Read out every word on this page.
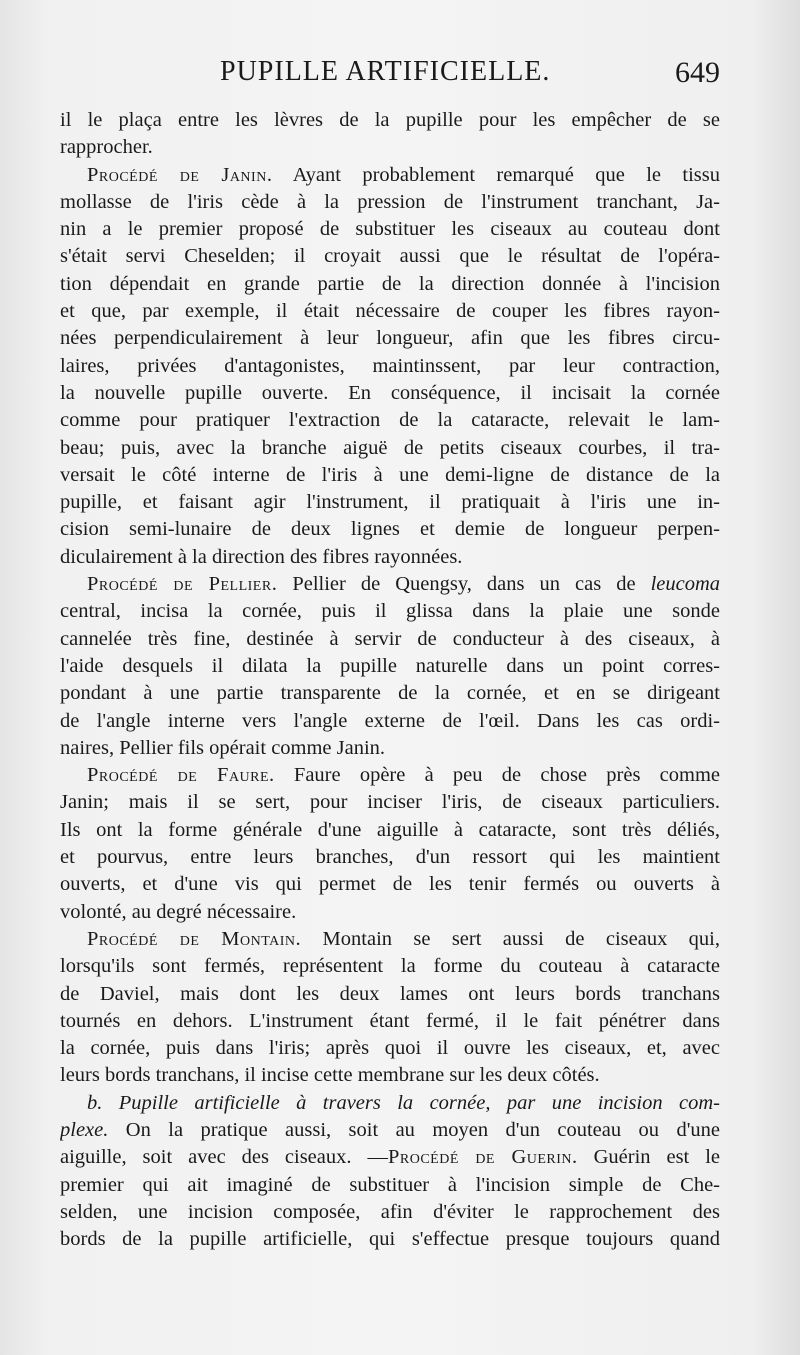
PUPILLE ARTIFICIELLE.	649
il le plaça entre les lèvres de la pupille pour les empêcher de se
rapprocher.
Procédé de Janin. Ayant probablement remarqué que le tissu
mollasse de l'iris cède à la pression de l'instrument tranchant, Ja-
nin a le premier proposé de substituer les ciseaux au couteau dont
s'était servi Cheselden; il croyait aussi que le résultat de l'opéra-
tion dépendait en grande partie de la direction donnée à l'incision
et que, par exemple, il était nécessaire de couper les fibres rayon-
nées perpendiculairement à leur longueur, afin que les fibres circu-
laires, privées d'antagonistes, maintinssent, par leur contraction,
la nouvelle pupille ouverte. En conséquence, il incisait la cornée
comme pour pratiquer l'extraction de la cataracte, relevait le lam-
beau; puis, avec la branche aiguë de petits ciseaux courbes, il tra-
versait le côté interne de l'iris à une demi-ligne de distance de la
pupille, et faisant agir l'instrument, il pratiquait à l'iris une in-
cision semi-lunaire de deux lignes et demie de longueur perpen-
diculairement à la direction des fibres rayonnées.
Procédé de Pellier. Pellier de Quengsy, dans un cas de leucoma
central, incisa la cornée, puis il glissa dans la plaie une sonde
cannelée très fine, destinée à servir de conducteur à des ciseaux, à
l'aide desquels il dilata la pupille naturelle dans un point corres-
pondant à une partie transparente de la cornée, et en se dirigeant
de l'angle interne vers l'angle externe de l'œil. Dans les cas ordi-
naires, Pellier fils opérait comme Janin.
Procédé de Faure. Faure opère à peu de chose près comme
Janin; mais il se sert, pour inciser l'iris, de ciseaux particuliers.
Ils ont la forme générale d'une aiguille à cataracte, sont très déliés,
et pourvus, entre leurs branches, d'un ressort qui les maintient
ouverts, et d'une vis qui permet de les tenir fermés ou ouverts à
volonté, au degré nécessaire.
Procédé de Montain. Montain se sert aussi de ciseaux qui,
lorsqu'ils sont fermés, représentent la forme du couteau à cataracte
de Daviel, mais dont les deux lames ont leurs bords tranchans
tournés en dehors. L'instrument étant fermé, il le fait pénétrer dans
la cornée, puis dans l'iris; après quoi il ouvre les ciseaux, et, avec
leurs bords tranchans, il incise cette membrane sur les deux côtés.
b. Pupille artificielle à travers la cornée, par une incision com-
plexe. On la pratique aussi, soit au moyen d'un couteau ou d'une
aiguille, soit avec des ciseaux. —Procédé de Guerin. Guérin est le
premier qui ait imaginé de substituer à l'incision simple de Che-
selden, une incision composée, afin d'éviter le rapprochement des
bords de la pupille artificielle, qui s'effectue presque toujours quand
